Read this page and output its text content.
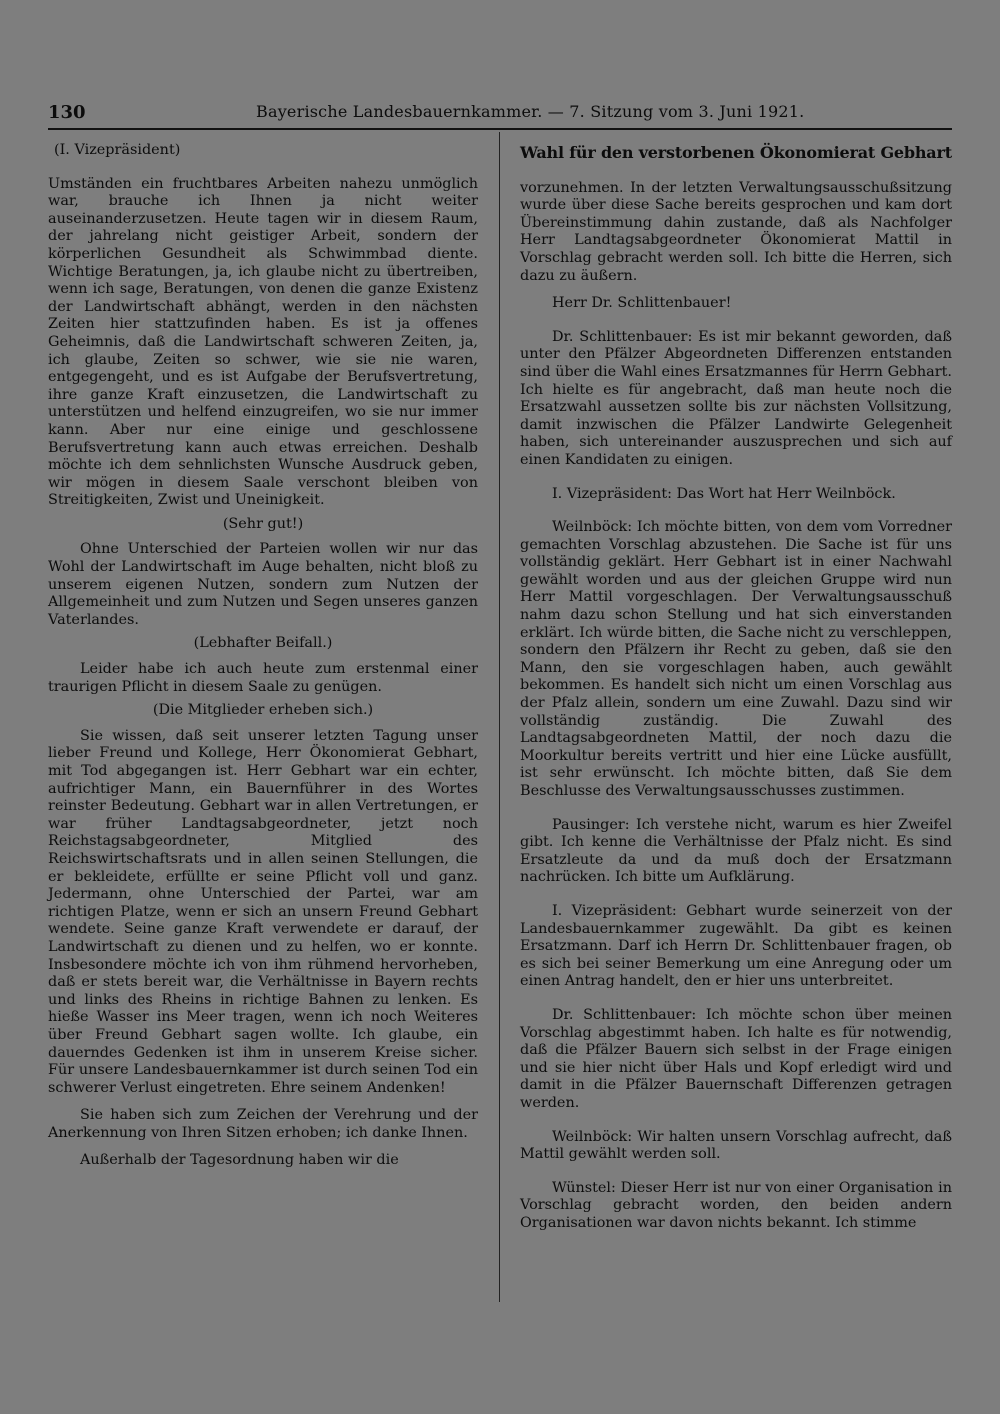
130	Bayerische Landesbauernkammer. — 7. Sitzung vom 3. Juni 1921.

(I. Vizepräsident)

Umständen ein fruchtbares Arbeiten nahezu unmöglich war, brauche ich Ihnen ja nicht weiter auseinanderzusetzen. Heute tagen wir in diesem Raum, der jahrelang nicht geistiger Arbeit, sondern der körperlichen Gesundheit als Schwimmbad diente. Wichtige Beratungen, ja, ich glaube nicht zu übertreiben, wenn ich sage, Beratungen, von denen die ganze Existenz der Landwirtschaft abhängt, werden in den nächsten Zeiten hier stattzufinden haben. Es ist ja offenes Geheimnis, daß die Landwirtschaft schweren Zeiten, ja, ich glaube, Zeiten so schwer, wie sie nie waren, entgegengeht, und es ist Aufgabe der Berufsvertretung, ihre ganze Kraft einzusetzen, die Landwirtschaft zu unterstützen und helfend einzugreifen, wo sie nur immer kann. Aber nur eine einige und geschlossene Berufsvertretung kann auch etwas erreichen. Deshalb möchte ich dem sehnlichsten Wunsche Ausdruck geben, wir mögen in diesem Saale verschont bleiben von Streitigkeiten, Zwist und Uneinigkeit.

(Sehr gut!)

Ohne Unterschied der Parteien wollen wir nur das Wohl der Landwirtschaft im Auge behalten, nicht bloß zu unserem eigenen Nutzen, sondern zum Nutzen der Allgemeinheit und zum Nutzen und Segen unseres ganzen Vaterlandes.

(Lebhafter Beifall.)

Leider habe ich auch heute zum erstenmal einer traurigen Pflicht in diesem Saale zu genügen.

(Die Mitglieder erheben sich.)

Sie wissen, daß seit unserer letzten Tagung unser lieber Freund und Kollege, Herr Ökonomierat Gebhart, mit Tod abgegangen ist. Herr Gebhart war ein echter, aufrichtiger Mann, ein Bauernführer in des Wortes reinster Bedeutung. Gebhart war in allen Vertretungen, er war früher Landtagsabgeordneter, jetzt noch Reichstagsabgeordneter, Mitglied des Reichswirtschaftsrats und in allen seinen Stellungen, die er bekleidete, erfüllte er seine Pflicht voll und ganz. Jedermann, ohne Unterschied der Partei, war am richtigen Platze, wenn er sich an unsern Freund Gebhart wendete. Seine ganze Kraft verwendete er darauf, der Landwirtschaft zu dienen und zu helfen, wo er konnte. Insbesondere möchte ich von ihm rühmend hervorheben, daß er stets bereit war, die Verhältnisse in Bayern rechts und links des Rheins in richtige Bahnen zu lenken. Es hieße Wasser ins Meer tragen, wenn ich noch Weiteres über Freund Gebhart sagen wollte. Ich glaube, ein dauerndes Gedenken ist ihm in unserem Kreise sicher. Für unsere Landesbauernkammer ist durch seinen Tod ein schwerer Verlust eingetreten. Ehre seinem Andenken!

Sie haben sich zum Zeichen der Verehrung und der Anerkennung von Ihren Sitzen erhoben; ich danke Ihnen.

Außerhalb der Tagesordnung haben wir die

Wahl für den verstorbenen Ökonomierat Gebhart

vorzunehmen. In der letzten Verwaltungsausschußsitzung wurde über diese Sache bereits gesprochen und kam dort Übereinstimmung dahin zustande, daß als Nachfolger Herr Landtagsabgeordneter Ökonomierat Mattil in Vorschlag gebracht werden soll. Ich bitte die Herren, sich dazu zu äußern.

Herr Dr. Schlittenbauer!

Dr. Schlittenbauer: Es ist mir bekannt geworden, daß unter den Pfälzer Abgeordneten Differenzen entstanden sind über die Wahl eines Ersatzmannes für Herrn Gebhart. Ich hielte es für angebracht, daß man heute noch die Ersatzwahl aussetzen sollte bis zur nächsten Vollsitzung, damit inzwischen die Pfälzer Landwirte Gelegenheit haben, sich untereinander auszusprechen und sich auf einen Kandidaten zu einigen.

I. Vizepräsident: Das Wort hat Herr Weilnböck.

Weilnböck: Ich möchte bitten, von dem vom Vorredner gemachten Vorschlag abzustehen. Die Sache ist für uns vollständig geklärt. Herr Gebhart ist in einer Nachwahl gewählt worden und aus der gleichen Gruppe wird nun Herr Mattil vorgeschlagen. Der Verwaltungsausschuß nahm dazu schon Stellung und hat sich einverstanden erklärt. Ich würde bitten, die Sache nicht zu verschleppen, sondern den Pfälzern ihr Recht zu geben, daß sie den Mann, den sie vorgeschlagen haben, auch gewählt bekommen. Es handelt sich nicht um einen Vorschlag aus der Pfalz allein, sondern um eine Zuwahl. Dazu sind wir vollständig zuständig. Die Zuwahl des Landtagsabgeordneten Mattil, der noch dazu die Moorkultur bereits vertritt und hier eine Lücke ausfüllt, ist sehr erwünscht. Ich möchte bitten, daß Sie dem Beschlusse des Verwaltungsausschusses zustimmen.

Pausinger: Ich verstehe nicht, warum es hier Zweifel gibt. Ich kenne die Verhältnisse der Pfalz nicht. Es sind Ersatzleute da und da muß doch der Ersatzmann nachrücken. Ich bitte um Aufklärung.

I. Vizepräsident: Gebhart wurde seinerzeit von der Landesbauernkammer zugewählt. Da gibt es keinen Ersatzmann. Darf ich Herrn Dr. Schlittenbauer fragen, ob es sich bei seiner Bemerkung um eine Anregung oder um einen Antrag handelt, den er hier uns unterbreitet.

Dr. Schlittenbauer: Ich möchte schon über meinen Vorschlag abgestimmt haben. Ich halte es für notwendig, daß die Pfälzer Bauern sich selbst in der Frage einigen und sie hier nicht über Hals und Kopf erledigt wird und damit in die Pfälzer Bauernschaft Differenzen getragen werden.

Weilnböck: Wir halten unsern Vorschlag aufrecht, daß Mattil gewählt werden soll.

Wünstel: Dieser Herr ist nur von einer Organisation in Vorschlag gebracht worden, den beiden andern Organisationen war davon nichts bekannt. Ich stimme
